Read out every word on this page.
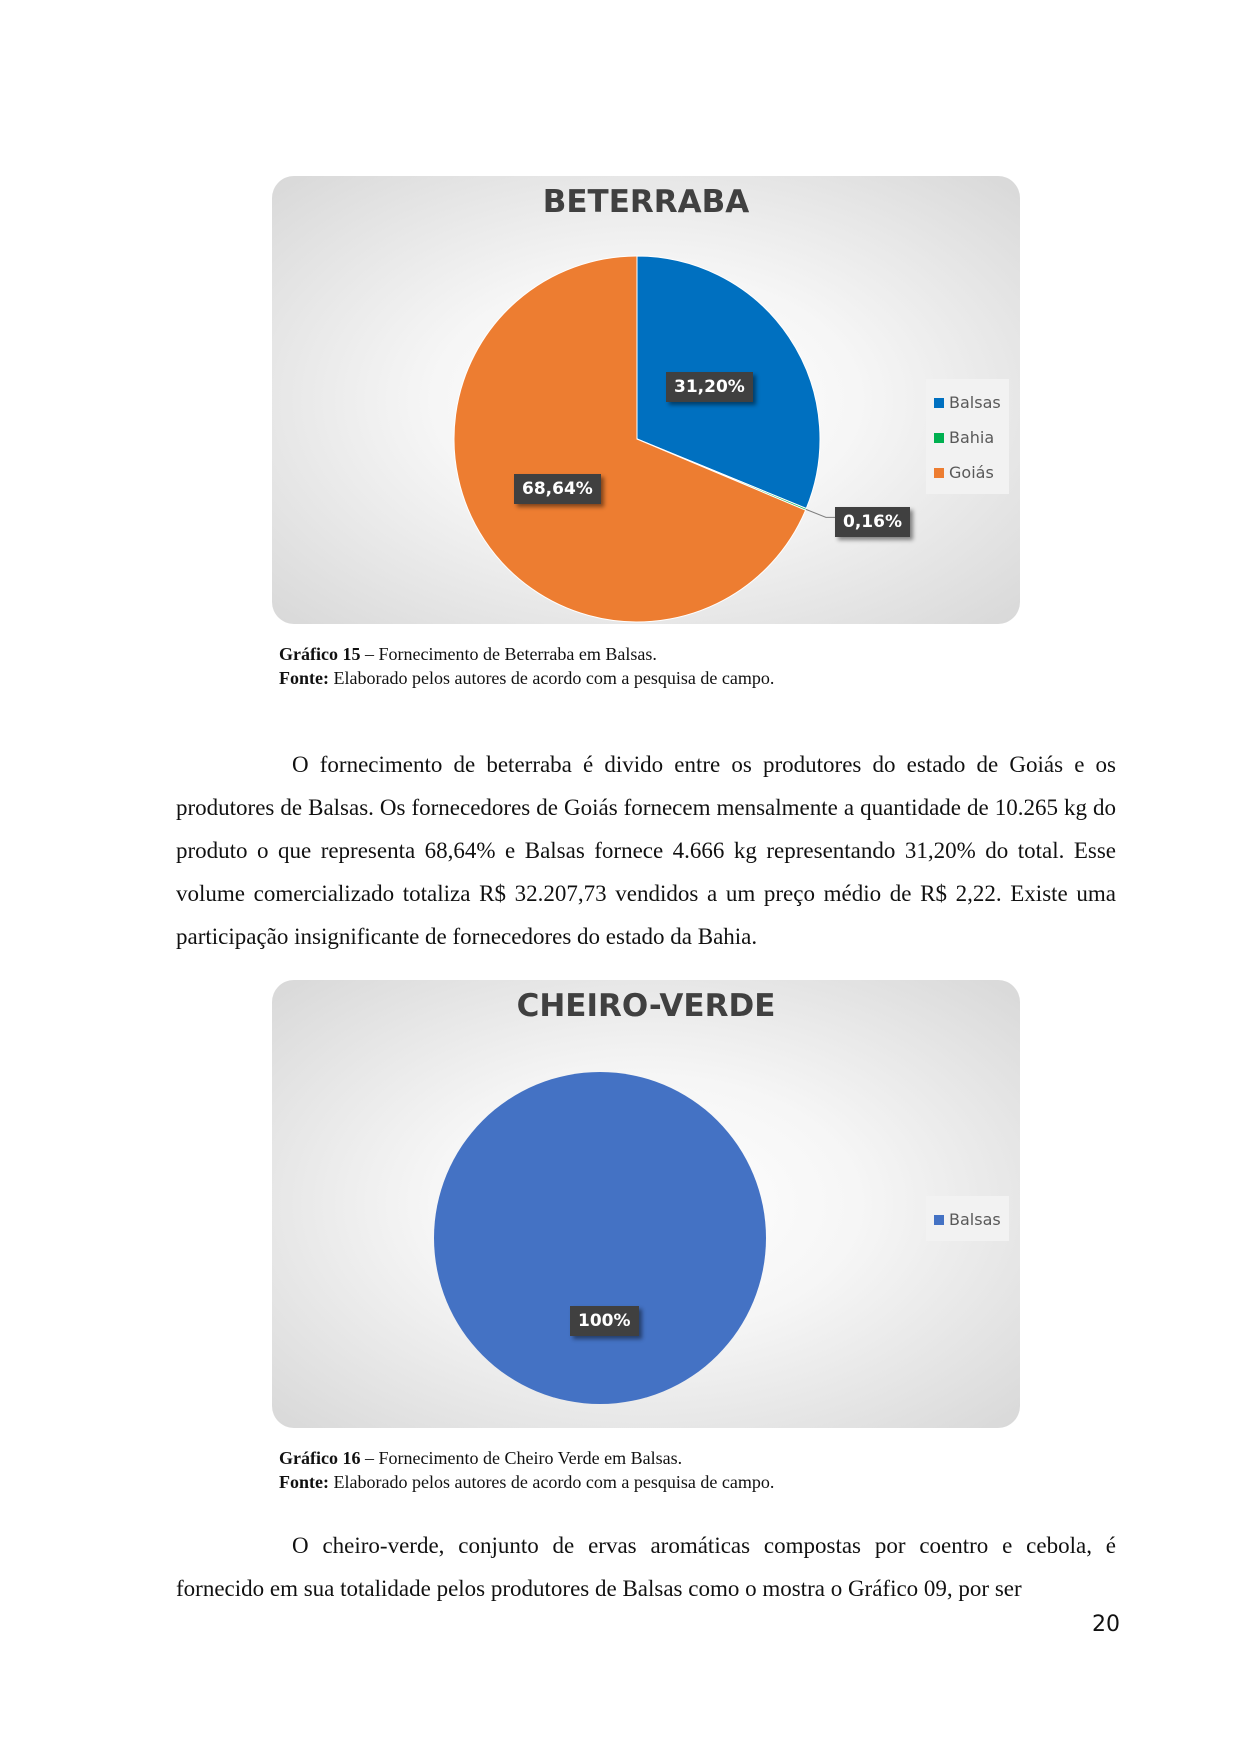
BETERRABA
31,20%
0,16%
68,64%
Balsas
Bahia
Goiás
Gráfico 15 – Fornecimento de Beterraba em Balsas.
Fonte: Elaborado pelos autores de acordo com a pesquisa de campo.

O fornecimento de beterraba é divido entre os produtores do estado de Goiás e os produtores de Balsas. Os fornecedores de Goiás fornecem mensalmente a quantidade de 10.265 kg do produto o que representa 68,64% e Balsas fornece 4.666 kg representando 31,20% do total. Esse volume comercializado totaliza R$ 32.207,73 vendidos a um preço médio de R$ 2,22. Existe uma participação insignificante de fornecedores do estado da Bahia.

CHEIRO-VERDE
100%
Balsas
Gráfico 16 – Fornecimento de Cheiro Verde em Balsas.
Fonte: Elaborado pelos autores de acordo com a pesquisa de campo.

O cheiro-verde, conjunto de ervas aromáticas compostas por coentro e cebola, é fornecido em sua totalidade pelos produtores de Balsas como o mostra o Gráfico 09, por ser

20
